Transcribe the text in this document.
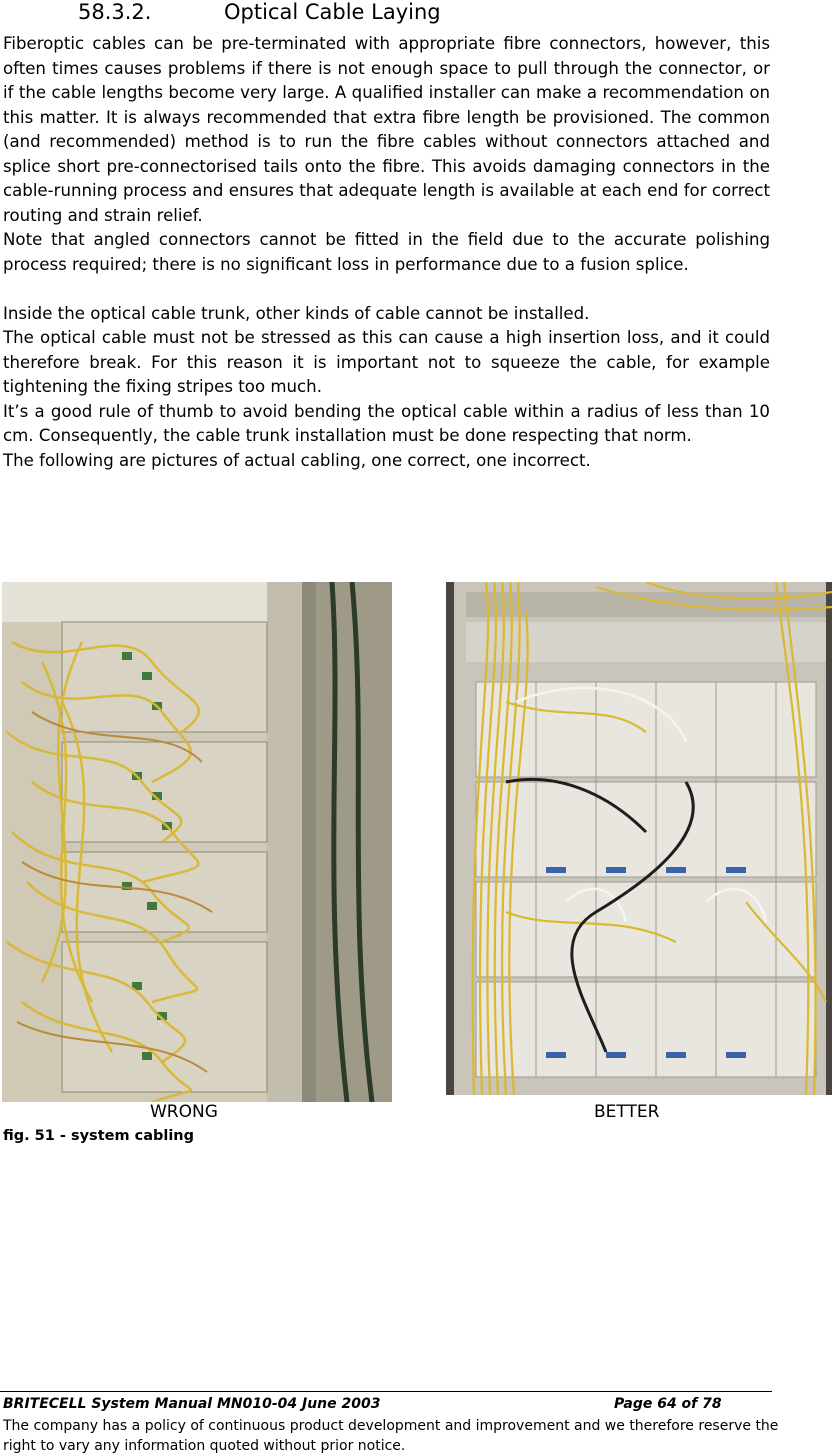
58.3.2.	Optical Cable Laying

Fiberoptic cables can be pre-terminated with appropriate fibre connectors, however, this often times causes problems if there is not enough space to pull through the connector, or if the cable lengths become very large. A qualified installer can make a recommendation on this matter. It is always recommended that extra fibre length be provisioned. The common (and recommended) method is to run the fibre cables without connectors attached and splice short pre-connectorised tails onto the fibre. This avoids damaging connectors in the cable-running process and ensures that adequate length is available at each end for correct routing and strain relief.

Note that angled connectors cannot be fitted in the field due to the accurate polishing process required; there is no significant loss in performance due to a fusion splice.

Inside the optical cable trunk, other kinds of cable cannot be installed.

The optical cable must not be stressed as this can cause a high insertion loss, and it could therefore break. For this reason it is important not to squeeze the cable, for example tightening the fixing stripes too much.

It’s a good rule of thumb to avoid bending the optical cable within a radius of less than 10 cm. Consequently, the cable trunk installation must be done respecting that norm.

The following are pictures of actual cabling, one correct, one incorrect.

WRONG	BETTER
fig. 51 - system cabling
BRITECELL System Manual MN010-04 June 2003	Page 64 of 78
The company has a policy of continuous product development and improvement and we therefore reserve the right to vary any information quoted without prior notice.
